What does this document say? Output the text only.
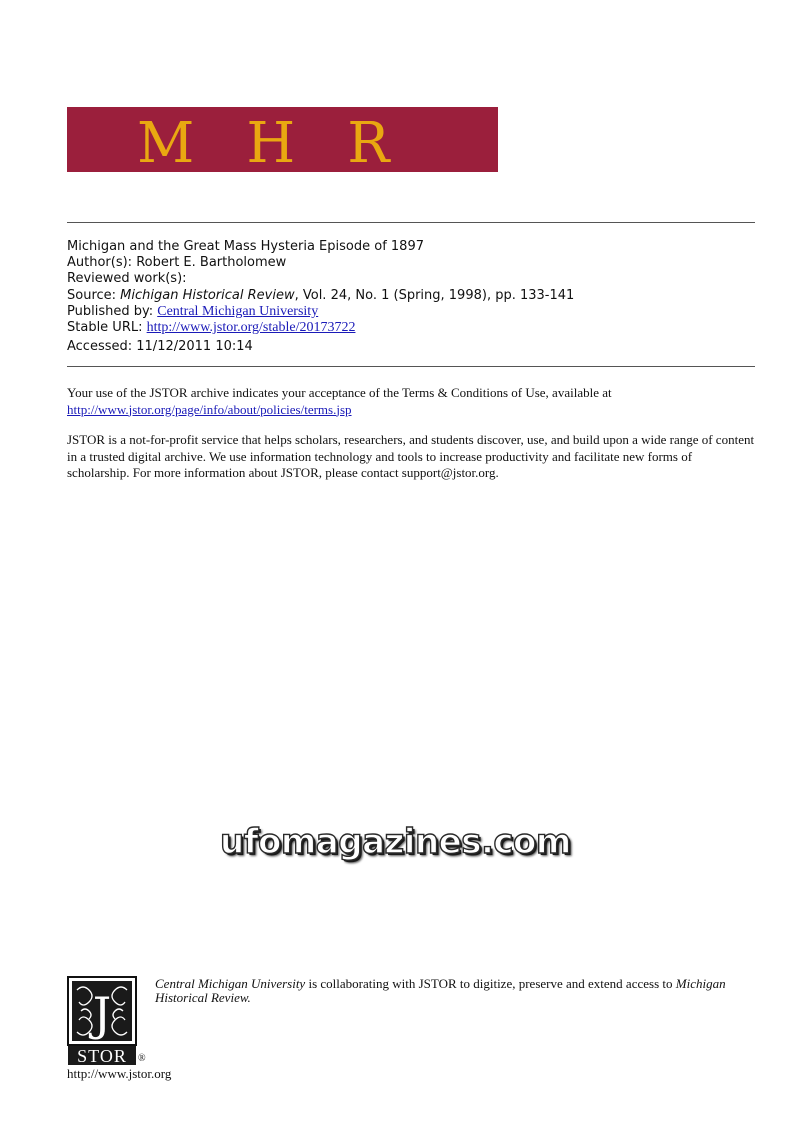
M H R
Michigan and the Great Mass Hysteria Episode of 1897
Author(s): Robert E. Bartholomew
Reviewed work(s):
Source: Michigan Historical Review, Vol. 24, No. 1 (Spring, 1998), pp. 133-141
Published by: Central Michigan University
Stable URL: http://www.jstor.org/stable/20173722
Accessed: 11/12/2011 10:14
Your use of the JSTOR archive indicates your acceptance of the Terms & Conditions of Use, available at
http://www.jstor.org/page/info/about/policies/terms.jsp
JSTOR is a not-for-profit service that helps scholars, researchers, and students discover, use, and build upon a wide range of content in a trusted digital archive. We use information technology and tools to increase productivity and facilitate new forms of scholarship. For more information about JSTOR, please contact support@jstor.org.
ufomagazines.com
J
STOR ®
http://www.jstor.org
Central Michigan University is collaborating with JSTOR to digitize, preserve and extend access to Michigan Historical Review.
